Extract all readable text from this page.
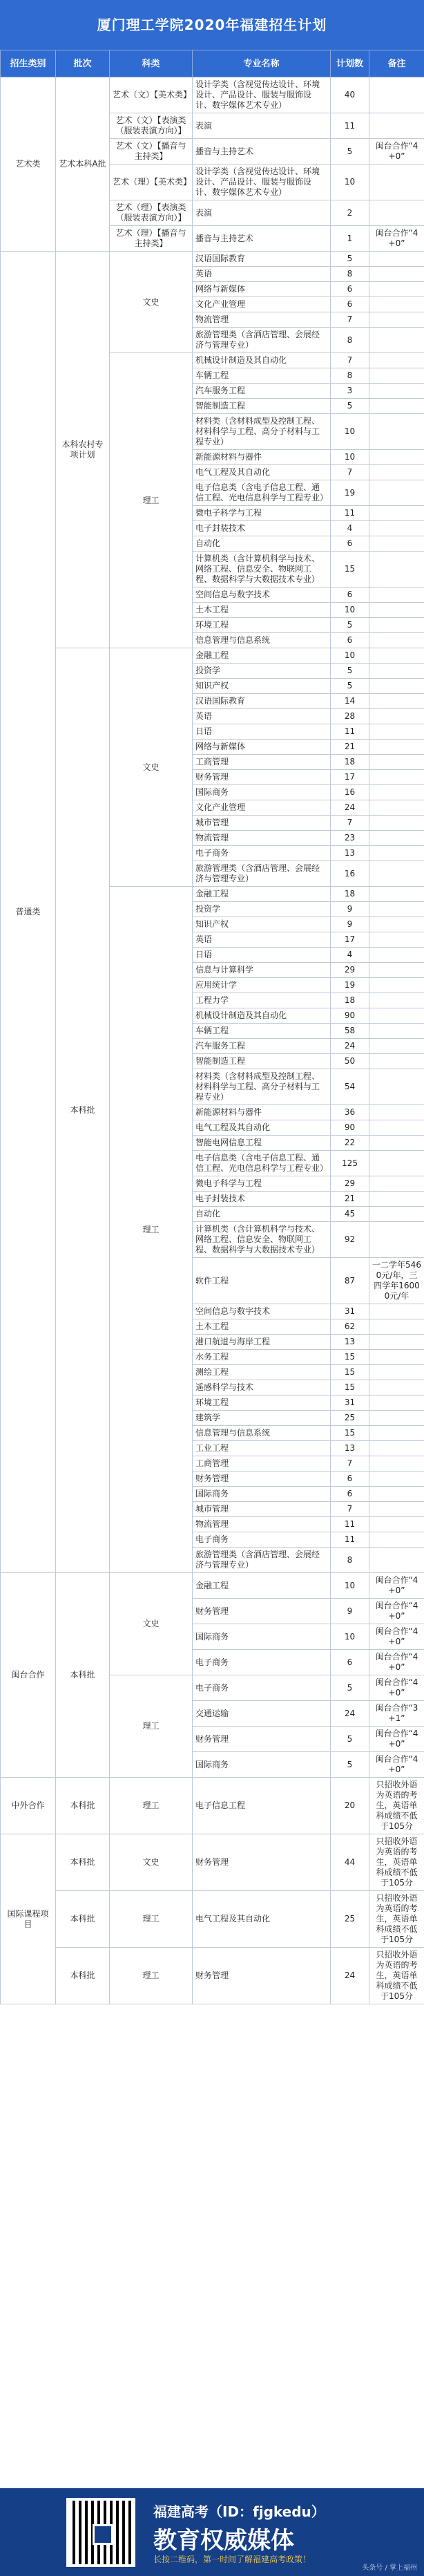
厦门理工学院2020年福建招生计划
招生类别	批次	科类	专业名称	计划数	备注
艺术类	艺术本科A批	艺术（文）【美术类】	设计学类（含视觉传达设计、环境设计、产品设计、服装与服饰设计、数字媒体艺术专业）	40	
		艺术（文）【表演类（服装表演方向）】	表演	11	
		艺术（文）【播音与主持类】	播音与主持艺术	5	闽台合作“4+0”
		艺术（理）【美术类】	设计学类（含视觉传达设计、环境设计、产品设计、服装与服饰设计、数字媒体艺术专业）	10	
		艺术（理）【表演类（服装表演方向）】	表演	2	
		艺术（理）【播音与主持类】	播音与主持艺术	1	闽台合作“4+0”
普通类	本科农村专项计划	文史	汉语国际教育	5	
			英语	8	
			网络与新媒体	6	
			文化产业管理	6	
			物流管理	7	
			旅游管理类（含酒店管理、会展经济与管理专业）	8	
		理工	机械设计制造及其自动化	7	
			车辆工程	8	
			汽车服务工程	3	
			智能制造工程	5	
			材料类（含材料成型及控制工程、材料科学与工程、高分子材料与工程专业）	10	
			新能源材料与器件	10	
			电气工程及其自动化	7	
			电子信息类（含电子信息工程、通信工程、光电信息科学与工程专业）	19	
			微电子科学与工程	11	
			电子封装技术	4	
			自动化	6	
			计算机类（含计算机科学与技术、网络工程、信息安全、物联网工程、数据科学与大数据技术专业）	15	
			空间信息与数字技术	6	
			土木工程	10	
			环境工程	5	
			信息管理与信息系统	6	
	本科批	文史	金融工程	10	
			投资学	5	
			知识产权	5	
			汉语国际教育	14	
			英语	28	
			日语	11	
			网络与新媒体	21	
			工商管理	18	
			财务管理	17	
			国际商务	16	
			文化产业管理	24	
			城市管理	7	
			物流管理	23	
			电子商务	13	
			旅游管理类（含酒店管理、会展经济与管理专业）	16	
		理工	金融工程	18	
			投资学	9	
			知识产权	9	
			英语	17	
			日语	4	
			信息与计算科学	29	
			应用统计学	19	
			工程力学	18	
			机械设计制造及其自动化	90	
			车辆工程	58	
			汽车服务工程	24	
			智能制造工程	50	
			材料类（含材料成型及控制工程、材料科学与工程、高分子材料与工程专业）	54	
			新能源材料与器件	36	
			电气工程及其自动化	90	
			智能电网信息工程	22	
			电子信息类（含电子信息工程、通信工程、光电信息科学与工程专业）	125	
			微电子科学与工程	29	
			电子封装技术	21	
			自动化	45	
			计算机类（含计算机科学与技术、网络工程、信息安全、物联网工程、数据科学与大数据技术专业）	92	
			软件工程	87	一二学年5460元/年，三四学年16000元/年
			空间信息与数字技术	31	
			土木工程	62	
			港口航道与海岸工程	13	
			水务工程	15	
			测绘工程	15	
			遥感科学与技术	15	
			环境工程	31	
			建筑学	25	
			信息管理与信息系统	15	
			工业工程	13	
			工商管理	7	
			财务管理	6	
			国际商务	6	
			城市管理	7	
			物流管理	11	
			电子商务	11	
			旅游管理类（含酒店管理、会展经济与管理专业）	8	
闽台合作	本科批	文史	金融工程	10	闽台合作“4+0”
			财务管理	9	闽台合作“4+0”
			国际商务	10	闽台合作“4+0”
			电子商务	6	闽台合作“4+0”
		理工	电子商务	5	闽台合作“4+0”
			交通运输	24	闽台合作“3+1”
			财务管理	5	闽台合作“4+0”
			国际商务	5	闽台合作“4+0”
中外合作	本科批	理工	电子信息工程	20	只招收外语为英语的考生，英语单科成绩不低于105分
国际课程项目	本科批	文史	财务管理	44	只招收外语为英语的考生，英语单科成绩不低于105分
	本科批	理工	电气工程及其自动化	25	只招收外语为英语的考生，英语单科成绩不低于105分
	本科批	理工	财务管理	24	只招收外语为英语的考生，英语单科成绩不低于105分
福建高考（ID：fjgkedu）
教育权威媒体
长按二维码，第一时间了解福建高考政策！
头条号 / 掌上福州
